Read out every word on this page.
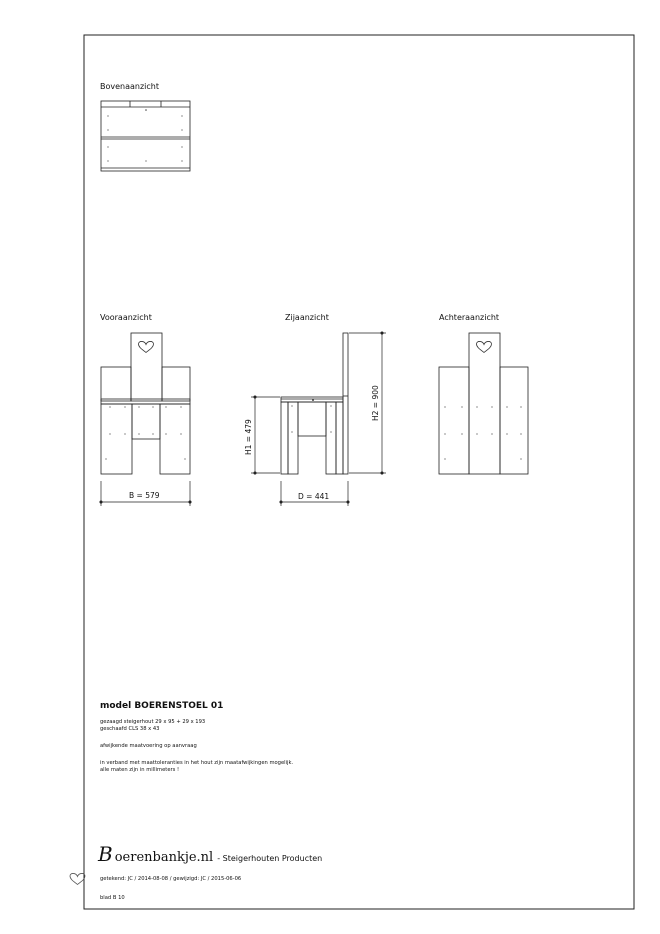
Bovenaanzicht
Vooraanzicht
B = 579
Zijaanzicht
H1 = 479
H2 = 900
D = 441
Achteraanzicht
model BOERENSTOEL 01
gezaagd steigerhout 29 x 95 + 29 x 193
geschaafd CLS 38 x 43
afwijkende maatvoering op aanvraag
in verband met maattoleranties in het hout zijn maatafwijkingen mogelijk.
alle maten zijn in millimeters !
Boerenbankje.nl - Steigerhouten Producten
getekend: JC / 2014-08-08 / gewijzigd: JC / 2015-06-06
blad B 10
